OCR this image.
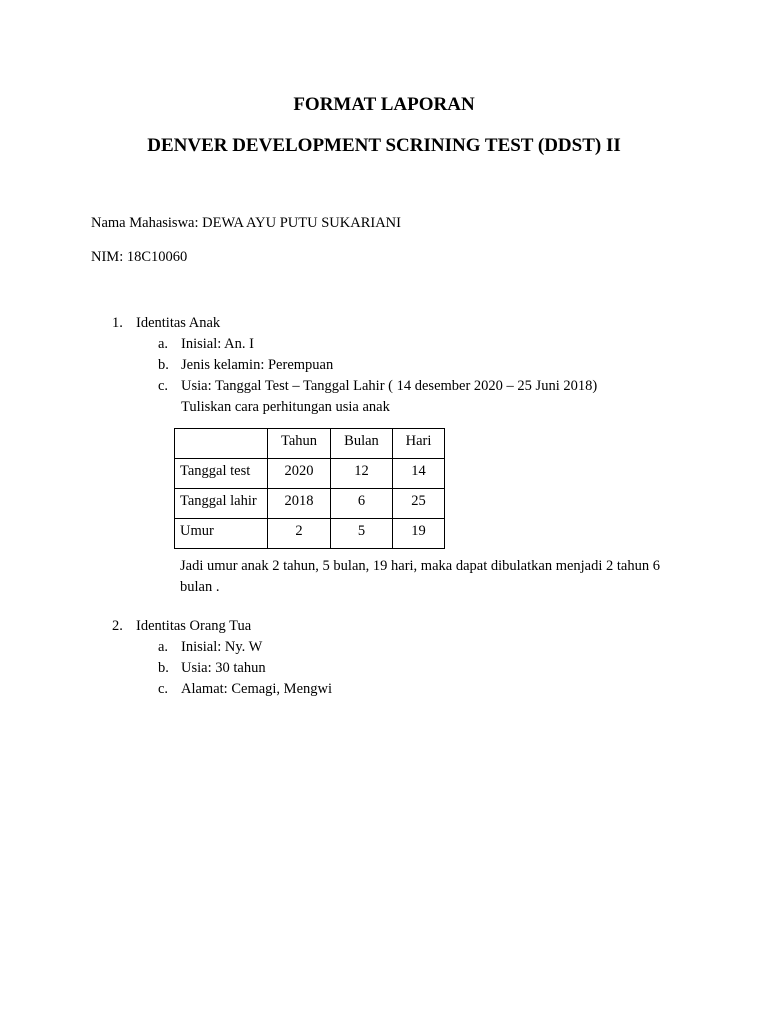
FORMAT LAPORAN
DENVER DEVELOPMENT SCRINING TEST (DDST) II

Nama Mahasiswa: DEWA AYU PUTU SUKARIANI

NIM: 18C10060

1. Identitas Anak
a. Inisial: An. I
b. Jenis kelamin: Perempuan
c. Usia: Tanggal Test – Tanggal Lahir ( 14 desember 2020 – 25 Juni 2018)
Tuliskan cara perhitungan usia anak
	Tahun	Bulan	Hari
Tanggal test	2020	12	14
Tanggal lahir	2018	6	25
Umur	2	5	19

Jadi umur anak 2 tahun, 5 bulan, 19 hari, maka dapat dibulatkan menjadi 2 tahun 6 bulan .

2. Identitas Orang Tua
a. Inisial: Ny. W
b. Usia: 30 tahun
c. Alamat: Cemagi, Mengwi
